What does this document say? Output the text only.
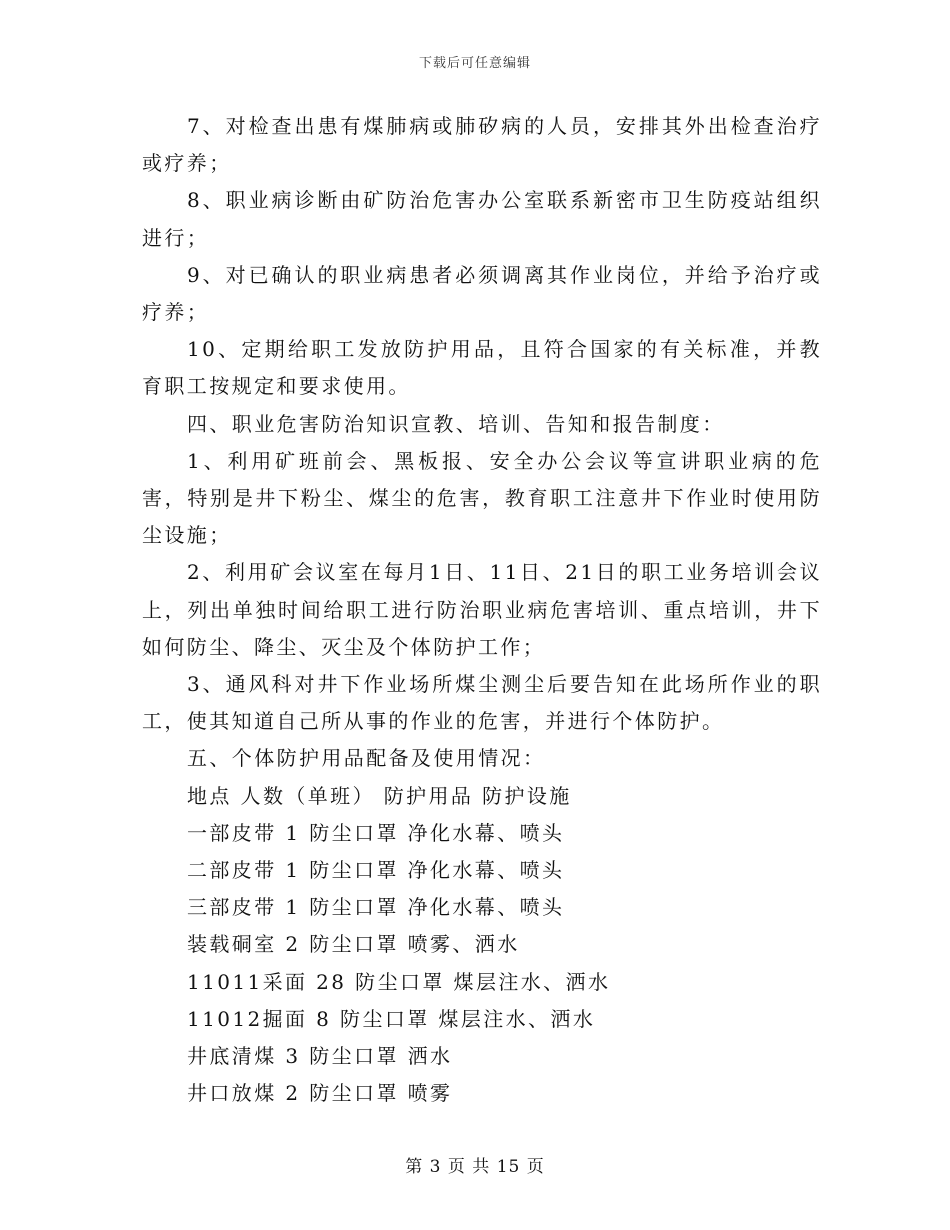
下载后可任意编辑

7、对检查出患有煤肺病或肺矽病的人员，安排其外出检查治疗或疗养；

8、职业病诊断由矿防治危害办公室联系新密市卫生防疫站组织进行；

9、对已确认的职业病患者必须调离其作业岗位，并给予治疗或疗养；

10、定期给职工发放防护用品，且符合国家的有关标准，并教育职工按规定和要求使用。

四、职业危害防治知识宣教、培训、告知和报告制度：

1、利用矿班前会、黑板报、安全办公会议等宣讲职业病的危害，特别是井下粉尘、煤尘的危害，教育职工注意井下作业时使用防尘设施；

2、利用矿会议室在每月1日、11日、21日的职工业务培训会议上，列出单独时间给职工进行防治职业病危害培训、重点培训，井下如何防尘、降尘、灭尘及个体防护工作；

3、通风科对井下作业场所煤尘测尘后要告知在此场所作业的职工，使其知道自己所从事的作业的危害，并进行个体防护。

五、个体防护用品配备及使用情况：

地点 人数（单班） 防护用品 防护设施

一部皮带 1 防尘口罩 净化水幕、喷头

二部皮带 1 防尘口罩 净化水幕、喷头

三部皮带 1 防尘口罩 净化水幕、喷头

装载硐室 2 防尘口罩 喷雾、洒水

11011采面 28 防尘口罩 煤层注水、洒水

11012掘面 8 防尘口罩 煤层注水、洒水

井底清煤 3 防尘口罩 洒水

井口放煤 2 防尘口罩 喷雾

第 3 页 共 15 页
